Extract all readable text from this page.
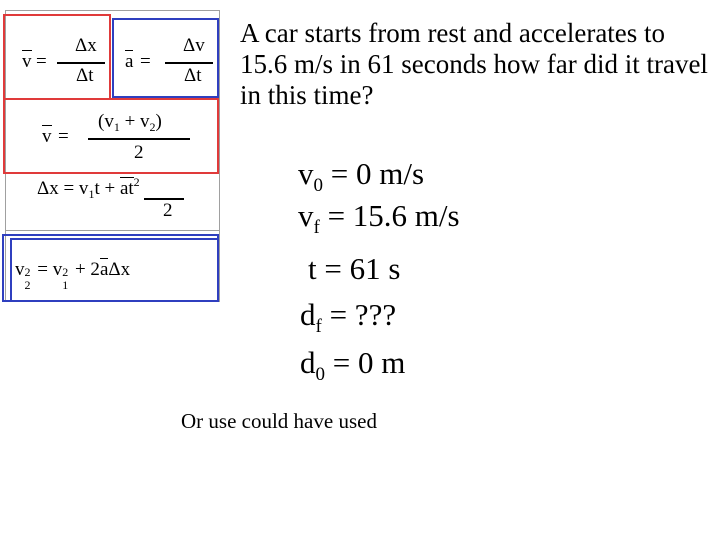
v =
Δx
Δt
a =
Δv
Δt
v =
$(v_1 + v_2)$
2
$\Delta x = v_1t + at^2$
2
v 2
2
= v 2
1
+ 2aΔx
A car starts from rest and accelerates to 15.6 m/s in 61 seconds how far did it travel in this time?
$v_0 = 0$ m/s
$v_f = 15.6$ m/s
t = 61 s
$d_f$ = ???
$d_0 = 0$ m
Or use could have used
